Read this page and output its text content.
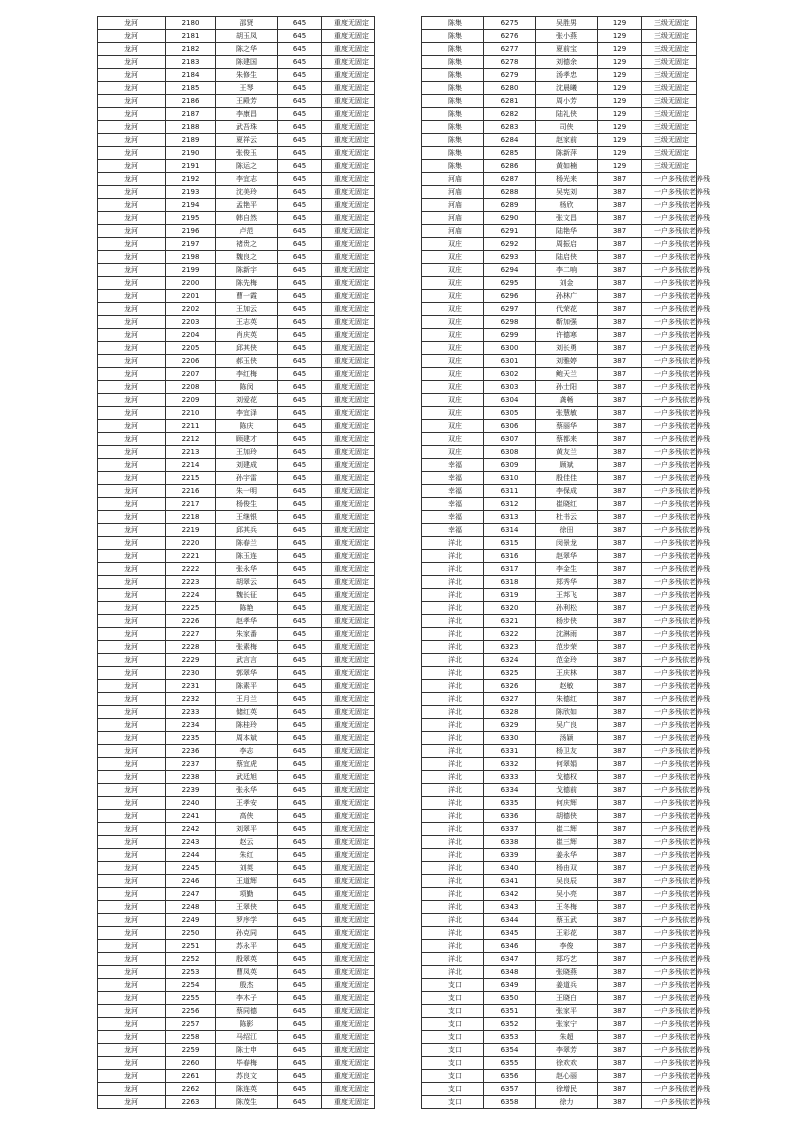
龙河	2180	邵贤	645	重度无固定
龙河	2181	胡玉凤	645	重度无固定
龙河	2182	陈之华	645	重度无固定
龙河	2183	陈建国	645	重度无固定
龙河	2184	朱修生	645	重度无固定
龙河	2185	王琴	645	重度无固定
龙河	2186	王殿芳	645	重度无固定
龙河	2187	李康昌	645	重度无固定
龙河	2188	武吾珠	645	重度无固定
龙河	2189	夏祥云	645	重度无固定
龙河	2190	张俊玉	645	重度无固定
龙河	2191	陈运之	645	重度无固定
龙河	2192	李宜志	645	重度无固定
龙河	2193	沈美玲	645	重度无固定
龙河	2194	孟艳平	645	重度无固定
龙河	2195	韩自然	645	重度无固定
龙河	2196	卢范	645	重度无固定
龙河	2197	褚贵之	645	重度无固定
龙河	2198	魏良之	645	重度无固定
龙河	2199	陈新宇	645	重度无固定
龙河	2200	陈先梅	645	重度无固定
龙河	2201	曹一霞	645	重度无固定
龙河	2202	王加云	645	重度无固定
龙河	2203	王志英	645	重度无固定
龙河	2204	肖庆英	645	重度无固定
龙河	2205	邱其侠	645	重度无固定
龙河	2206	郝玉侠	645	重度无固定
龙河	2207	李红梅	645	重度无固定
龙河	2208	陈闵	645	重度无固定
龙河	2209	刘爱花	645	重度无固定
龙河	2210	李宜泽	645	重度无固定
龙河	2211	陈庆	645	重度无固定
龙河	2212	顾建才	645	重度无固定
龙河	2213	王加玲	645	重度无固定
龙河	2214	刘建成	645	重度无固定
龙河	2215	孙宇雷	645	重度无固定
龙河	2216	朱一明	645	重度无固定
龙河	2217	杨俊生	645	重度无固定
龙河	2218	王继银	645	重度无固定
龙河	2219	邱其兵	645	重度无固定
龙河	2220	陈春兰	645	重度无固定
龙河	2221	陈玉连	645	重度无固定
龙河	2222	张永华	645	重度无固定
龙河	2223	胡翠云	645	重度无固定
龙河	2224	魏长征	645	重度无固定
龙河	2225	陈艳	645	重度无固定
龙河	2226	赵孝华	645	重度无固定
龙河	2227	朱家番	645	重度无固定
龙河	2228	张素梅	645	重度无固定
龙河	2229	武言言	645	重度无固定
龙河	2230	郭翠华	645	重度无固定
龙河	2231	陈素平	645	重度无固定
龙河	2232	王月兰	645	重度无固定
龙河	2233	储红英	645	重度无固定
龙河	2234	陈桂玲	645	重度无固定
龙河	2235	周本斌	645	重度无固定
龙河	2236	李志	645	重度无固定
龙河	2237	蔡宜虎	645	重度无固定
龙河	2238	武廷旭	645	重度无固定
龙河	2239	张永华	645	重度无固定
龙河	2240	王孝安	645	重度无固定
龙河	2241	高侠	645	重度无固定
龙河	2242	刘翠平	645	重度无固定
龙河	2243	赵云	645	重度无固定
龙河	2244	朱红	645	重度无固定
龙河	2245	刘英	645	重度无固定
龙河	2246	王道辉	645	重度无固定
龙河	2247	项勤	645	重度无固定
龙河	2248	王翠侠	645	重度无固定
龙河	2249	罗序学	645	重度无固定
龙河	2250	孙克同	645	重度无固定
龙河	2251	苏永平	645	重度无固定
龙河	2252	殷翠英	645	重度无固定
龙河	2253	曹凤英	645	重度无固定
龙河	2254	殷杰	645	重度无固定
龙河	2255	李木子	645	重度无固定
龙河	2256	蔡同德	645	重度无固定
龙河	2257	陈影	645	重度无固定
龙河	2258	马绍江	645	重度无固定
龙河	2259	陈士申	645	重度无固定
龙河	2260	毕春梅	645	重度无固定
龙河	2261	苏良文	645	重度无固定
龙河	2262	陈连英	645	重度无固定
龙河	2263	陈茂生	645	重度无固定
陈集	6275	吴胜男	129	三级无固定
陈集	6276	张小燕	129	三级无固定
陈集	6277	夏前宝	129	三级无固定
陈集	6278	刘德余	129	三级无固定
陈集	6279	汤孝忠	129	三级无固定
陈集	6280	沈晨曦	129	三级无固定
陈集	6281	周小芳	129	三级无固定
陈集	6282	陆礼侠	129	三级无固定
陈集	6283	司侠	129	三级无固定
陈集	6284	赵家前	129	三级无固定
陈集	6285	陈新萍	129	三级无固定
陈集	6286	黄如楠	129	三级无固定
河庙	6287	杨光来	387	一户多残依老养残
河庙	6288	吴宪刘	387	一户多残依老养残
河庙	6289	杨欣	387	一户多残依老养残
河庙	6290	张文昌	387	一户多残依老养残
河庙	6291	陆艳华	387	一户多残依老养残
双庄	6292	周振启	387	一户多残依老养残
双庄	6293	陆启侠	387	一户多残依老养残
双庄	6294	李二响	387	一户多残依老养残
双庄	6295	刘金	387	一户多残依老养残
双庄	6296	孙林广	387	一户多残依老养残
双庄	6297	代荣花	387	一户多残依老养残
双庄	6298	靳加强	387	一户多残依老养残
双庄	6299	许德寒	387	一户多残依老养残
双庄	6300	刘长勇	387	一户多残依老养残
双庄	6301	刘雅婷	387	一户多残依老养残
双庄	6302	鲍天兰	387	一户多残依老养残
双庄	6303	孙士阳	387	一户多残依老养残
双庄	6304	龚畅	387	一户多残依老养残
双庄	6305	张慧敏	387	一户多残依老养残
双庄	6306	蔡丽华	387	一户多残依老养残
双庄	6307	蔡都来	387	一户多残依老养残
双庄	6308	黄友兰	387	一户多残依老养残
幸福	6309	顾斌	387	一户多残依老养残
幸福	6310	殷佳佳	387	一户多残依老养残
幸福	6311	李保成	387	一户多残依老养残
幸福	6312	崔晓红	387	一户多残依老养残
幸福	6313	杜书云	387	一户多残依老养残
幸福	6314	徐田	387	一户多残依老养残
洋北	6315	闵景龙	387	一户多残依老养残
洋北	6316	赵翠华	387	一户多残依老养残
洋北	6317	李金生	387	一户多残依老养残
洋北	6318	郑秀华	387	一户多残依老养残
洋北	6319	王邦飞	387	一户多残依老养残
洋北	6320	孙利松	387	一户多残依老养残
洋北	6321	杨步侠	387	一户多残依老养残
洋北	6322	沈淋雨	387	一户多残依老养残
洋北	6323	范步荣	387	一户多残依老养残
洋北	6324	范金玲	387	一户多残依老养残
洋北	6325	王庆林	387	一户多残依老养残
洋北	6326	赵敏	387	一户多残依老养残
洋北	6327	朱德红	387	一户多残依老养残
洋北	6328	陈欣如	387	一户多残依老养残
洋北	6329	吴广良	387	一户多残依老养残
洋北	6330	汤颖	387	一户多残依老养残
洋北	6331	杨卫友	387	一户多残依老养残
洋北	6332	何翠娟	387	一户多残依老养残
洋北	6333	戈德权	387	一户多残依老养残
洋北	6334	戈德前	387	一户多残依老养残
洋北	6335	何庆辉	387	一户多残依老养残
洋北	6336	胡德侠	387	一户多残依老养残
洋北	6337	崔二辉	387	一户多残依老养残
洋北	6338	崔三辉	387	一户多残依老养残
洋北	6339	姜永华	387	一户多残依老养残
洋北	6340	杨由双	387	一户多残依老养残
洋北	6341	吴良辰	387	一户多残依老养残
洋北	6342	吴小亮	387	一户多残依老养残
洋北	6343	王冬梅	387	一户多残依老养残
洋北	6344	蔡玉武	387	一户多残依老养残
洋北	6345	王彩花	387	一户多残依老养残
洋北	6346	李俊	387	一户多残依老养残
洋北	6347	郑巧艺	387	一户多残依老养残
洋北	6348	张晓燕	387	一户多残依老养残
支口	6349	姜道兵	387	一户多残依老养残
支口	6350	王晓白	387	一户多残依老养残
支口	6351	张家平	387	一户多残依老养残
支口	6352	张家宁	387	一户多残依老养残
支口	6353	朱超	387	一户多残依老养残
支口	6354	李翠芳	387	一户多残依老养残
支口	6355	徐欢欢	387	一户多残依老养残
支口	6356	赵心丽	387	一户多残依老养残
支口	6357	徐增民	387	一户多残依老养残
支口	6358	徐力	387	一户多残依老养残
